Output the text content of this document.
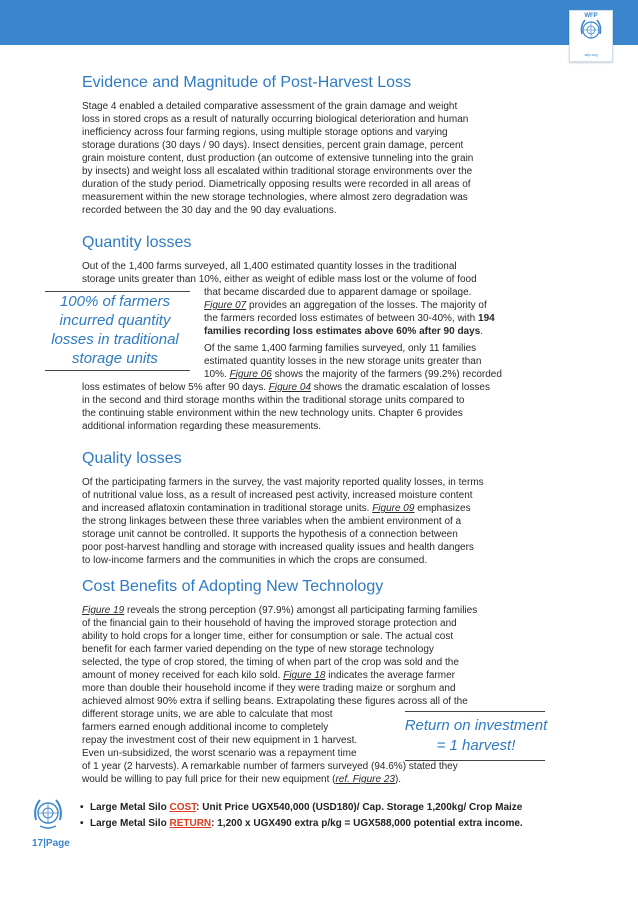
WFP
wfp.org
Evidence and Magnitude of Post-Harvest Loss

Stage 4 enabled a detailed comparative assessment of the grain damage and weight

loss in stored crops as a result of naturally occurring biological deterioration and human

inefficiency across four farming regions, using multiple storage options and varying

storage durations (30 days / 90 days). Insect densities, percent grain damage, percent

grain moisture content, dust production (an outcome of extensive tunneling into the grain

by insects) and weight loss all escalated within traditional storage environments over the

duration of the study period. Diametrically opposing results were recorded in all areas of

measurement within the new storage technologies, where almost zero degradation was

recorded between the 30 day and the 90 day evaluations.

Quantity losses

Out of the 1,400 farms surveyed, all 1,400 estimated quantity losses in the traditional

storage units greater than 10%, either as weight of edible mass lost or the volume of food

100% of farmers
incurred quantity
losses in traditional
storage units

that became discarded due to apparent damage or spoilage.

Figure 07 provides an aggregation of the losses. The majority of

the farmers recorded loss estimates of between 30-40%, with 194

families recording loss estimates above 60% after 90 days.

Of the same 1,400 farming families surveyed, only 11 families

estimated quantity losses in the new storage units greater than

10%. Figure 06 shows the majority of the farmers (99.2%) recorded

loss estimates of below 5% after 90 days. Figure 04 shows the dramatic escalation of losses

in the second and third storage months within the traditional storage units compared to

the continuing stable environment within the new technology units. Chapter 6 provides

additional information regarding these measurements.

Quality losses

Of the participating farmers in the survey, the vast majority reported quality losses, in terms

of nutritional value loss, as a result of increased pest activity, increased moisture content

and increased aflatoxin contamination in traditional storage units. Figure 09 emphasizes

the strong linkages between these three variables when the ambient environment of a

storage unit cannot be controlled. It supports the hypothesis of a connection between

poor post-harvest handling and storage with increased quality issues and health dangers

to low-income farmers and the communities in which the crops are consumed.

Cost Benefits of Adopting New Technology

Figure 19 reveals the strong perception (97.9%) amongst all participating farming families

of the financial gain to their household of having the improved storage protection and

ability to hold crops for a longer time, either for consumption or sale. The actual cost

benefit for each farmer varied depending on the type of new storage technology

selected, the type of crop stored, the timing of when part of the crop was sold and the

amount of money received for each kilo sold. Figure 18 indicates the average farmer

more than double their household income if they were trading maize or sorghum and

achieved almost 90% extra if selling beans. Extrapolating these figures across all of the

different storage units, we are able to calculate that most

farmers earned enough additional income to completely

repay the investment cost of their new equipment in 1 harvest.

Even un-subsidized, the worst scenario was a repayment time

of 1 year (2 harvests). A remarkable number of farmers surveyed (94.6%) stated they

would be willing to pay full price for their new equipment (ref. Figure 23).

Return on investment
= 1 harvest!
• Large Metal Silo COST: Unit Price UGX540,000 (USD180)/ Cap. Storage 1,200kg/ Crop Maize
• Large Metal Silo RETURN: 1,200 x UGX490 extra p/kg = UGX588,000 potential extra income.
17|Page
